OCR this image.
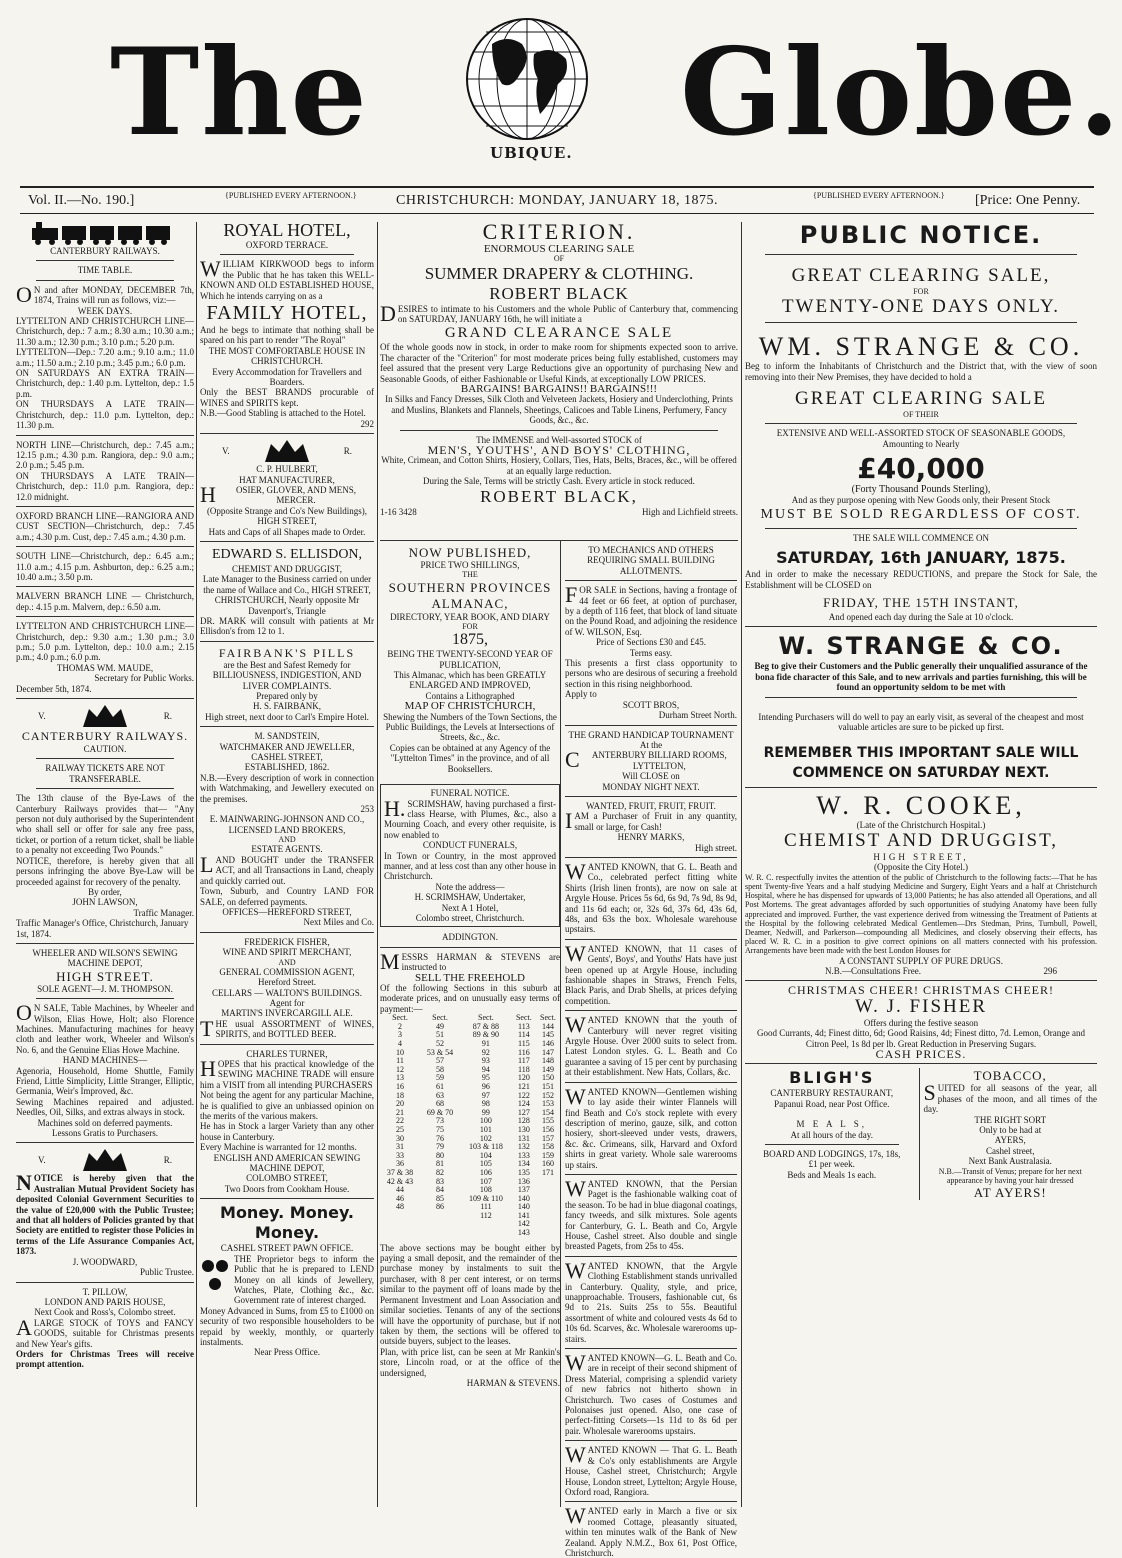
The	UBIQUE. Globe.
Vol. II.—No. 190.]	{PUBLISHED EVERY AFTERNOON.}	CHRISTCHURCH: MONDAY, JANUARY 18, 1875.	{PUBLISHED EVERY AFTERNOON.} [Price: One Penny.
CANTERBURY RAILWAYS.
TIME TABLE.
ON and after MONDAY, DECEMBER 7th, 1874, Trains will run as follows, viz:—
WEEK DAYS.
LYTTELTON AND CHRISTCHURCH LINE—Christchurch, dep.: 7 a.m.; 8.30 a.m.; 10.30 a.m.; 11.30 a.m.; 12.30 p.m.; 3.10 p.m.; 5.20 p.m.
LYTTELTON—Dep.: 7.20 a.m.; 9.10 a.m.; 11.0 a.m.; 11.50 a.m.; 2.10 p.m.; 3.45 p.m.; 6.0 p.m.
ON SATURDAYS AN EXTRA TRAIN—Christchurch, dep.: 1.40 p.m. Lyttelton, dep.: 1.5 p.m.
ON THURSDAYS A LATE TRAIN—Christchurch, dep.: 11.0 p.m. Lyttelton, dep.: 11.30 p.m.
NORTH LINE—Christchurch, dep.: 7.45 a.m.; 12.15 p.m.; 4.30 p.m. Rangiora, dep.: 9.0 a.m.; 2.0 p.m.; 5.45 p.m.
ON THURSDAYS A LATE TRAIN—Christchurch, dep.: 11.0 p.m. Rangiora, dep.: 12.0 midnight.
OXFORD BRANCH LINE—RANGIORA AND CUST SECTION—Christchurch, dep.: 7.45 a.m.; 4.30 p.m. Cust, dep.: 7.45 a.m.; 4.30 p.m.
SOUTH LINE—Christchurch, dep.: 6.45 a.m.; 11.0 a.m.; 4.15 p.m. Ashburton, dep.: 6.25 a.m.; 10.40 a.m.; 3.50 p.m.
MALVERN BRANCH LINE — Christchurch, dep.: 4.15 p.m. Malvern, dep.: 6.50 a.m.
LYTTELTON AND CHRISTCHURCH LINE—Christchurch, dep.: 9.30 a.m.; 1.30 p.m.; 3.0 p.m.; 5.0 p.m. Lyttelton, dep.: 10.0 a.m.; 2.15 p.m.; 4.0 p.m.; 6.0 p.m.
THOMAS WM. MAUDE,
Secretary for Public Works.
December 5th, 1874.
V.	R.
CANTERBURY RAILWAYS.
CAUTION.
RAILWAY TICKETS ARE NOT TRANSFERABLE.
The 13th clause of the Bye-Laws of the Canterbury Railways provides that— "Any person not duly authorised by the Superintendent who shall sell or offer for sale any free pass, ticket, or portion of a return ticket, shall be liable to a penalty not exceeding Two Pounds."
NOTICE, therefore, is hereby given that all persons infringing the above Bye-Law will be proceeded against for recovery of the penalty.
By order,
JOHN LAWSON,
Traffic Manager.
Traffic Manager's Office, Christchurch, January 1st, 1874.
WHEELER AND WILSON'S SEWING MACHINE DEPOT,
HIGH STREET.
SOLE AGENT—J. M. THOMPSON.
ON SALE, Table Machines, by Wheeler and Wilson, Elias Howe, Holt; also Florence Machines. Manufacturing machines for heavy cloth and leather work, Wheeler and Wilson's No. 6, and the Genuine Elias Howe Machine.
HAND MACHINES—
Agenoria, Household, Home Shuttle, Family Friend, Little Simplicity, Little Stranger, Elliptic, Germania, Weir's Improved, &c.
Sewing Machines repaired and adjusted. Needles, Oil, Silks, and extras always in stock.
Machines sold on deferred payments.
Lessons Gratis to Purchasers.
V.	R.
NOTICE is hereby given that the Australian Mutual Provident Society has deposited Colonial Government Securities to the value of £20,000 with the Public Trustee; and that all holders of Policies granted by that Society are entitled to register those Policies in terms of the Life Assurance Companies Act, 1873.
J. WOODWARD,
Public Trustee.
T. PILLOW,
LONDON AND PARIS HOUSE,
Next Cook and Ross's, Colombo street.
ALARGE STOCK of TOYS and FANCY GOODS, suitable for Christmas presents and New Year's gifts.
Orders for Christmas Trees will receive prompt attention.
ROYAL HOTEL,
OXFORD TERRACE.
WILLIAM KIRKWOOD begs to inform the Public that he has taken this WELL-KNOWN AND OLD ESTABLISHED HOUSE, Which he intends carrying on as a
FAMILY HOTEL,
And he begs to intimate that nothing shall be spared on his part to render "The Royal"
THE MOST COMFORTABLE HOUSE IN CHRISTCHURCH.
Every Accommodation for Travellers and Boarders.
Only the BEST BRANDS procurable of WINES and SPIRITS kept.
N.B.—Good Stabling is attached to the Hotel.
292
V.	R.
C. P. HULBERT,
HAT MANUFACTURER,
HOSIER, GLOVER, AND MENS, MERCER.
(Opposite Strange and Co's New Buildings), HIGH STREET,
Hats and Caps of all Shapes made to Order.
EDWARD S. ELLISDON,
CHEMIST AND DRUGGIST,
Late Manager to the Business carried on under the name of Wallace and Co., HIGH STREET, CHRISTCHURCH, Nearly opposite Mr Davenport's, Triangle
DR. MARK will consult with patients at Mr Ellisdon's from 12 to 1.
FAIRBANK'S PILLS
are the Best and Safest Remedy for
BILLIOUSNESS, INDIGESTION, AND LIVER COMPLAINTS.
Prepared only by
H. S. FAIRBANK,
High street, next door to Carl's Empire Hotel.
M. SANDSTEIN,
WATCHMAKER AND JEWELLER,
CASHEL STREET,
ESTABLISHED, 1862.
N.B.—Every description of work in connection with Watchmaking, and Jewellery executed on the premises.
253
E. MAINWARING-JOHNSON AND CO.,
LICENSED LAND BROKERS,
AND
ESTATE AGENTS.
LAND BOUGHT under the TRANSFER ACT, and all Transactions in Land, cheaply and quickly carried out.
Town, Suburb, and Country LAND FOR SALE, on deferred payments.
OFFICES—HEREFORD STREET,
Next Miles and Co.
FREDERICK FISHER,
WINE AND SPIRIT MERCHANT,
AND
GENERAL COMMISSION AGENT,
Hereford Street.
CELLARS — WALTON'S BUILDINGS.
Agent for
MARTIN'S INVERCARGILL ALE.
THE usual ASSORTMENT of WINES, SPIRITS, and BOTTLED BEER.
CHARLES TURNER,
HOPES that his practical knowledge of the SEWING MACHINE TRADE will ensure him a VISIT from all intending PURCHASERS
Not being the agent for any particular Machine, he is qualified to give an unbiassed opinion on the merits of the various makers.
He has in Stock a larger Variety than any other house in Canterbury.
Every Machine is warranted for 12 months.
ENGLISH AND AMERICAN SEWING MACHINE DEPOT,
COLOMBO STREET,
Two Doors from Cookham House.
Money. Money. Money.
CASHEL STREET PAWN OFFICE.
THE Proprietor begs to inform the Public that he is prepared to LEND Money on all kinds of Jewellery, Watches, Plate, Clothing &c., &c. Government rate of interest charged.
Money Advanced in Sums, from £5 to £1000 on security of two responsible householders to be repaid by weekly, monthly, or quarterly instalments.
Near Press Office.
CRITERION.
ENORMOUS CLEARING SALE
OF
SUMMER DRAPERY & CLOTHING.
ROBERT BLACK
DESIRES to intimate to his Customers and the whole Public of Canterbury that, commencing on SATURDAY, JANUARY 16th, he will initiate a
GRAND CLEARANCE SALE
Of the whole goods now in stock, in order to make room for shipments expected soon to arrive. The character of the "Criterion" for most moderate prices being fully established, customers may feel assured that the present very Large Reductions give an opportunity of purchasing New and Seasonable Goods, of either Fashionable or Useful Kinds, at exceptionally LOW PRICES.
BARGAINS! BARGAINS!! BARGAINS!!!
In Silks and Fancy Dresses, Silk Cloth and Velveteen Jackets, Hosiery and Underclothing, Prints and Muslins, Blankets and Flannels, Sheetings, Calicoes and Table Linens, Perfumery, Fancy Goods, &c., &c.
The IMMENSE and Well-assorted STOCK of
MEN'S, YOUTHS', AND BOYS' CLOTHING,
White, Crimean, and Cotton Shirts, Hosiery, Collars, Ties, Hats, Belts, Braces, &c., will be offered at an equally large reduction.
During the Sale, Terms will be strictly Cash. Every article in stock reduced.
ROBERT BLACK,
1-16 3428	High and Lichfield streets.
NOW PUBLISHED,
PRICE TWO SHILLINGS,
THE
SOUTHERN PROVINCES
ALMANAC,
DIRECTORY, YEAR BOOK, AND DIARY
FOR
1875,
BEING THE TWENTY-SECOND YEAR OF PUBLICATION,
This Almanac, which has been GREATLY ENLARGED AND IMPROVED,
Contains a Lithographed
MAP OF CHRISTCHURCH,
Shewing the Numbers of the Town Sections, the Public Buildings, the Levels at Intersections of Streets, &c., &c.
Copies can be obtained at any Agency of the "Lyttelton Times" in the province, and of all Booksellers.
FUNERAL NOTICE.
H.SCRIMSHAW, having purchased a first-class Hearse, with Plumes, &c., also a Mourning Coach, and every other requisite, is now enabled to
CONDUCT FUNERALS,
In Town or Country, in the most approved manner, and at less cost than any other house in Christchurch.
Note the address—
H. SCRIMSHAW, Undertaker,
Next A 1 Hotel,
Colombo street, Christchurch.
ADDINGTON.
MESSRS HARMAN & STEVENS are instructed to
SELL THE FREEHOLD
Of the following Sections in this suburb at moderate prices, and on unusually easy terms of payment:—
Sect.	Sect.	Sect.	Sect.	Sect.
2	49	87 & 88	113	144
3	51	89 & 90	114	145
4	52	91	115	146
10	53 & 54	92	116	147
11	57	93	117	148
12	58	94	118	149
13	59	95	120	150
16	61	96	121	151
18	63	97	122	152
20	68	98	124	153
21	69 & 70	99	127	154
22	73	100	128	155
25	75	101	130	156
30	76	102	131	157
31	79	103 & 118	132	158
33	80	104	133	159
36	81	105	134	160
37 & 38	82	106	135	171
42 & 43	83	107	136	
44	84	108	137	
46	85	109 & 110	140	
48	86	111	140	
		112	141	
			142	
			143	
The above sections may be bought either by paying a small deposit, and the remainder of the purchase money by instalments to suit the purchaser, with 8 per cent interest, or on terms similar to the payment off of loans made by the Permanent Investment and Loan Association and similar societies. Tenants of any of the sections will have the opportunity of purchase, but if not taken by them, the sections will be offered to outside buyers, subject to the leases.
Plan, with price list, can be seen at Mr Rankin's store, Lincoln road, or at the office of the undersigned,
HARMAN & STEVENS.
TO MECHANICS AND OTHERS REQUIRING SMALL BUILDING ALLOTMENTS.
FOR SALE in Sections, having a frontage of 44 feet or 66 feet, at option of purchaser, by a depth of 116 feet, that block of land situate on the Pound Road, and adjoining the residence of W. WILSON, Esq.
Price of Sections £30 and £45.
Terms easy.
This presents a first class opportunity to persons who are desirous of securing a freehold section in this rising neighborhood.
Apply to
SCOTT BROS,
Durham Street North.
THE GRAND HANDICAP TOURNAMENT
At the
CANTERBURY BILLIARD ROOMS, LYTTELTON,
Will CLOSE on
MONDAY NIGHT NEXT.
WANTED, FRUIT, FRUIT, FRUIT.
IAM a Purchaser of Fruit in any quantity, small or large, for Cash!
HENRY MARKS,
High street.
WANTED KNOWN, that G. L. Beath and Co., celebrated perfect fitting white Shirts (Irish linen fronts), are now on sale at Argyle House. Prices 5s 6d, 6s 9d, 7s 9d, 8s 9d, and 11s 6d each; or, 32s 6d, 37s 6d, 43s 6d, 48s, and 63s the box. Wholesale warehouse upstairs.
WANTED KNOWN, that 11 cases of Gents', Boys', and Youths' Hats have just been opened up at Argyle House, including fashionable shapes in Straws, French Felts, Black Paris, and Drab Shells, at prices defying competition.
WANTED KNOWN that the youth of Canterbury will never regret visiting Argyle House. Over 2000 suits to select from. Latest London styles. G. L. Beath and Co guarantee a saving of 15 per cent by purchasing at their establishment. New Hats, Collars, &c.
WANTED KNOWN—Gentlemen wishing to lay aside their winter Flannels will find Beath and Co's stock replete with every description of merino, gauze, silk, and cotton hosiery, short-sleeved under vests, drawers, &c. &c. Crimeans, silk, Harvard and Oxford shirts in great variety. Whole sale warerooms up stairs.
WANTED KNOWN, that the Persian Paget is the fashionable walking coat of the season. To be had in blue diagonal coatings, fancy tweeds, and silk mixtures. Sole agents for Canterbury, G. L. Beath and Co, Argyle House, Cashel street. Also double and single breasted Pagets, from 25s to 45s.
WANTED KNOWN, that the Argyle Clothing Establishment stands unrivalled in Canterbury. Quality, style, and price, unapproachable. Trousers, fashionable cut, 6s 9d to 21s. Suits 25s to 55s. Beautiful assortment of white and coloured vests 4s 6d to 10s 6d. Scarves, &c. Wholesale warerooms up-stairs.
WANTED KNOWN—G. L. Beath and Co. are in receipt of their second shipment of Dress Material, comprising a splendid variety of new fabrics not hitherto shown in Christchurch. Two cases of Costumes and Polonaises just opened. Also, one case of perfect-fitting Corsets—1s 11d to 8s 6d per pair. Wholesale warerooms upstairs.
WANTED KNOWN — That G. L. Beath & Co's only establishments are Argyle House, Cashel street, Christchurch; Argyle House, London street, Lyttelton; Argyle House, Oxford road, Rangiora.
WANTED early in March a five or six roomed Cottage, pleasantly situated, within ten minutes walk of the Bank of New Zealand. Apply N.M.Z., Box 61, Post Office, Christchurch.
PUBLIC NOTICE.
GREAT CLEARING SALE,
FOR
TWENTY-ONE DAYS ONLY.
WM. STRANGE & CO.
Beg to inform the Inhabitants of Christchurch and the District that, with the view of soon removing into their New Premises, they have decided to hold a
GREAT CLEARING SALE
OF THEIR
EXTENSIVE AND WELL-ASSORTED STOCK OF SEASONABLE GOODS,
Amounting to Nearly
£40,000
(Forty Thousand Pounds Sterling),
And as they purpose opening with New Goods only, their Present Stock
MUST BE SOLD REGARDLESS OF COST.
THE SALE WILL COMMENCE ON
SATURDAY, 16th JANUARY, 1875.
And in order to make the necessary REDUCTIONS, and prepare the Stock for Sale, the Establishment will be CLOSED on
FRIDAY, THE 15TH INSTANT,
And opened each day during the Sale at 10 o'clock.
W. STRANGE & CO.
Beg to give their Customers and the Public generally their unqualified assurance of the bona fide character of this Sale, and to new arrivals and parties furnishing, this will be found an opportunity seldom to be met with
Intending Purchasers will do well to pay an early visit, as several of the cheapest and most valuable articles are sure to be picked up first.
REMEMBER THIS IMPORTANT SALE WILL
COMMENCE ON SATURDAY NEXT.
W. R. COOKE,
(Late of the Christchurch Hospital.)
CHEMIST AND DRUGGIST,
HIGH STREET,
(Opposite the City Hotel.)
W. R. C. respectfully invites the attention of the public of Christchurch to the following facts:—That he has spent Twenty-five Years and a half studying Medicine and Surgery, Eight Years and a half at Christchurch Hospital, where he has dispensed for upwards of 13,000 Patients; he has also attended all Operations, and all Post Mortems. The great advantages afforded by such opportunities of studying Anatomy have been fully appreciated and improved. Further, the vast experience derived from witnessing the Treatment of Patients at the Hospital by the following celebrated Medical Gentlemen—Drs Stedman, Prins, Turnbull, Powell, Deamer, Nedwill, and Parkerson—compounding all Medicines, and closely observing their effects, has placed W. R. C. in a position to give correct opinions on all matters connected with his profession. Arrangements have been made with the best London Houses for
A CONSTANT SUPPLY OF PURE DRUGS.
N.B.—Consultations Free.	296
CHRISTMAS CHEER! CHRISTMAS CHEER!
W. J. FISHER
Offers during the festive season
Good Currants, 4d; Finest ditto, 6d; Good Raisins, 4d; Finest ditto, 7d. Lemon, Orange and Citron Peel, 1s 8d per lb. Great Reduction in Preserving Sugars.
CASH PRICES.
BLIGH'S
CANTERBURY RESTAURANT,
Papanui Road, near Post Office.
M E A L S,
At all hours of the day.
BOARD AND LODGINGS, 17s, 18s,
£1 per week.
Beds and Meals 1s each.
TOBACCO,
SUITED for all seasons of the year, all phases of the moon, and all times of the day.
THE RIGHT SORT
Only to be had at
AYERS,
Cashel street,
Next Bank Australasia.
N.B.—Transit of Venus; prepare for her next appearance by having your hair dressed
AT AYERS!
